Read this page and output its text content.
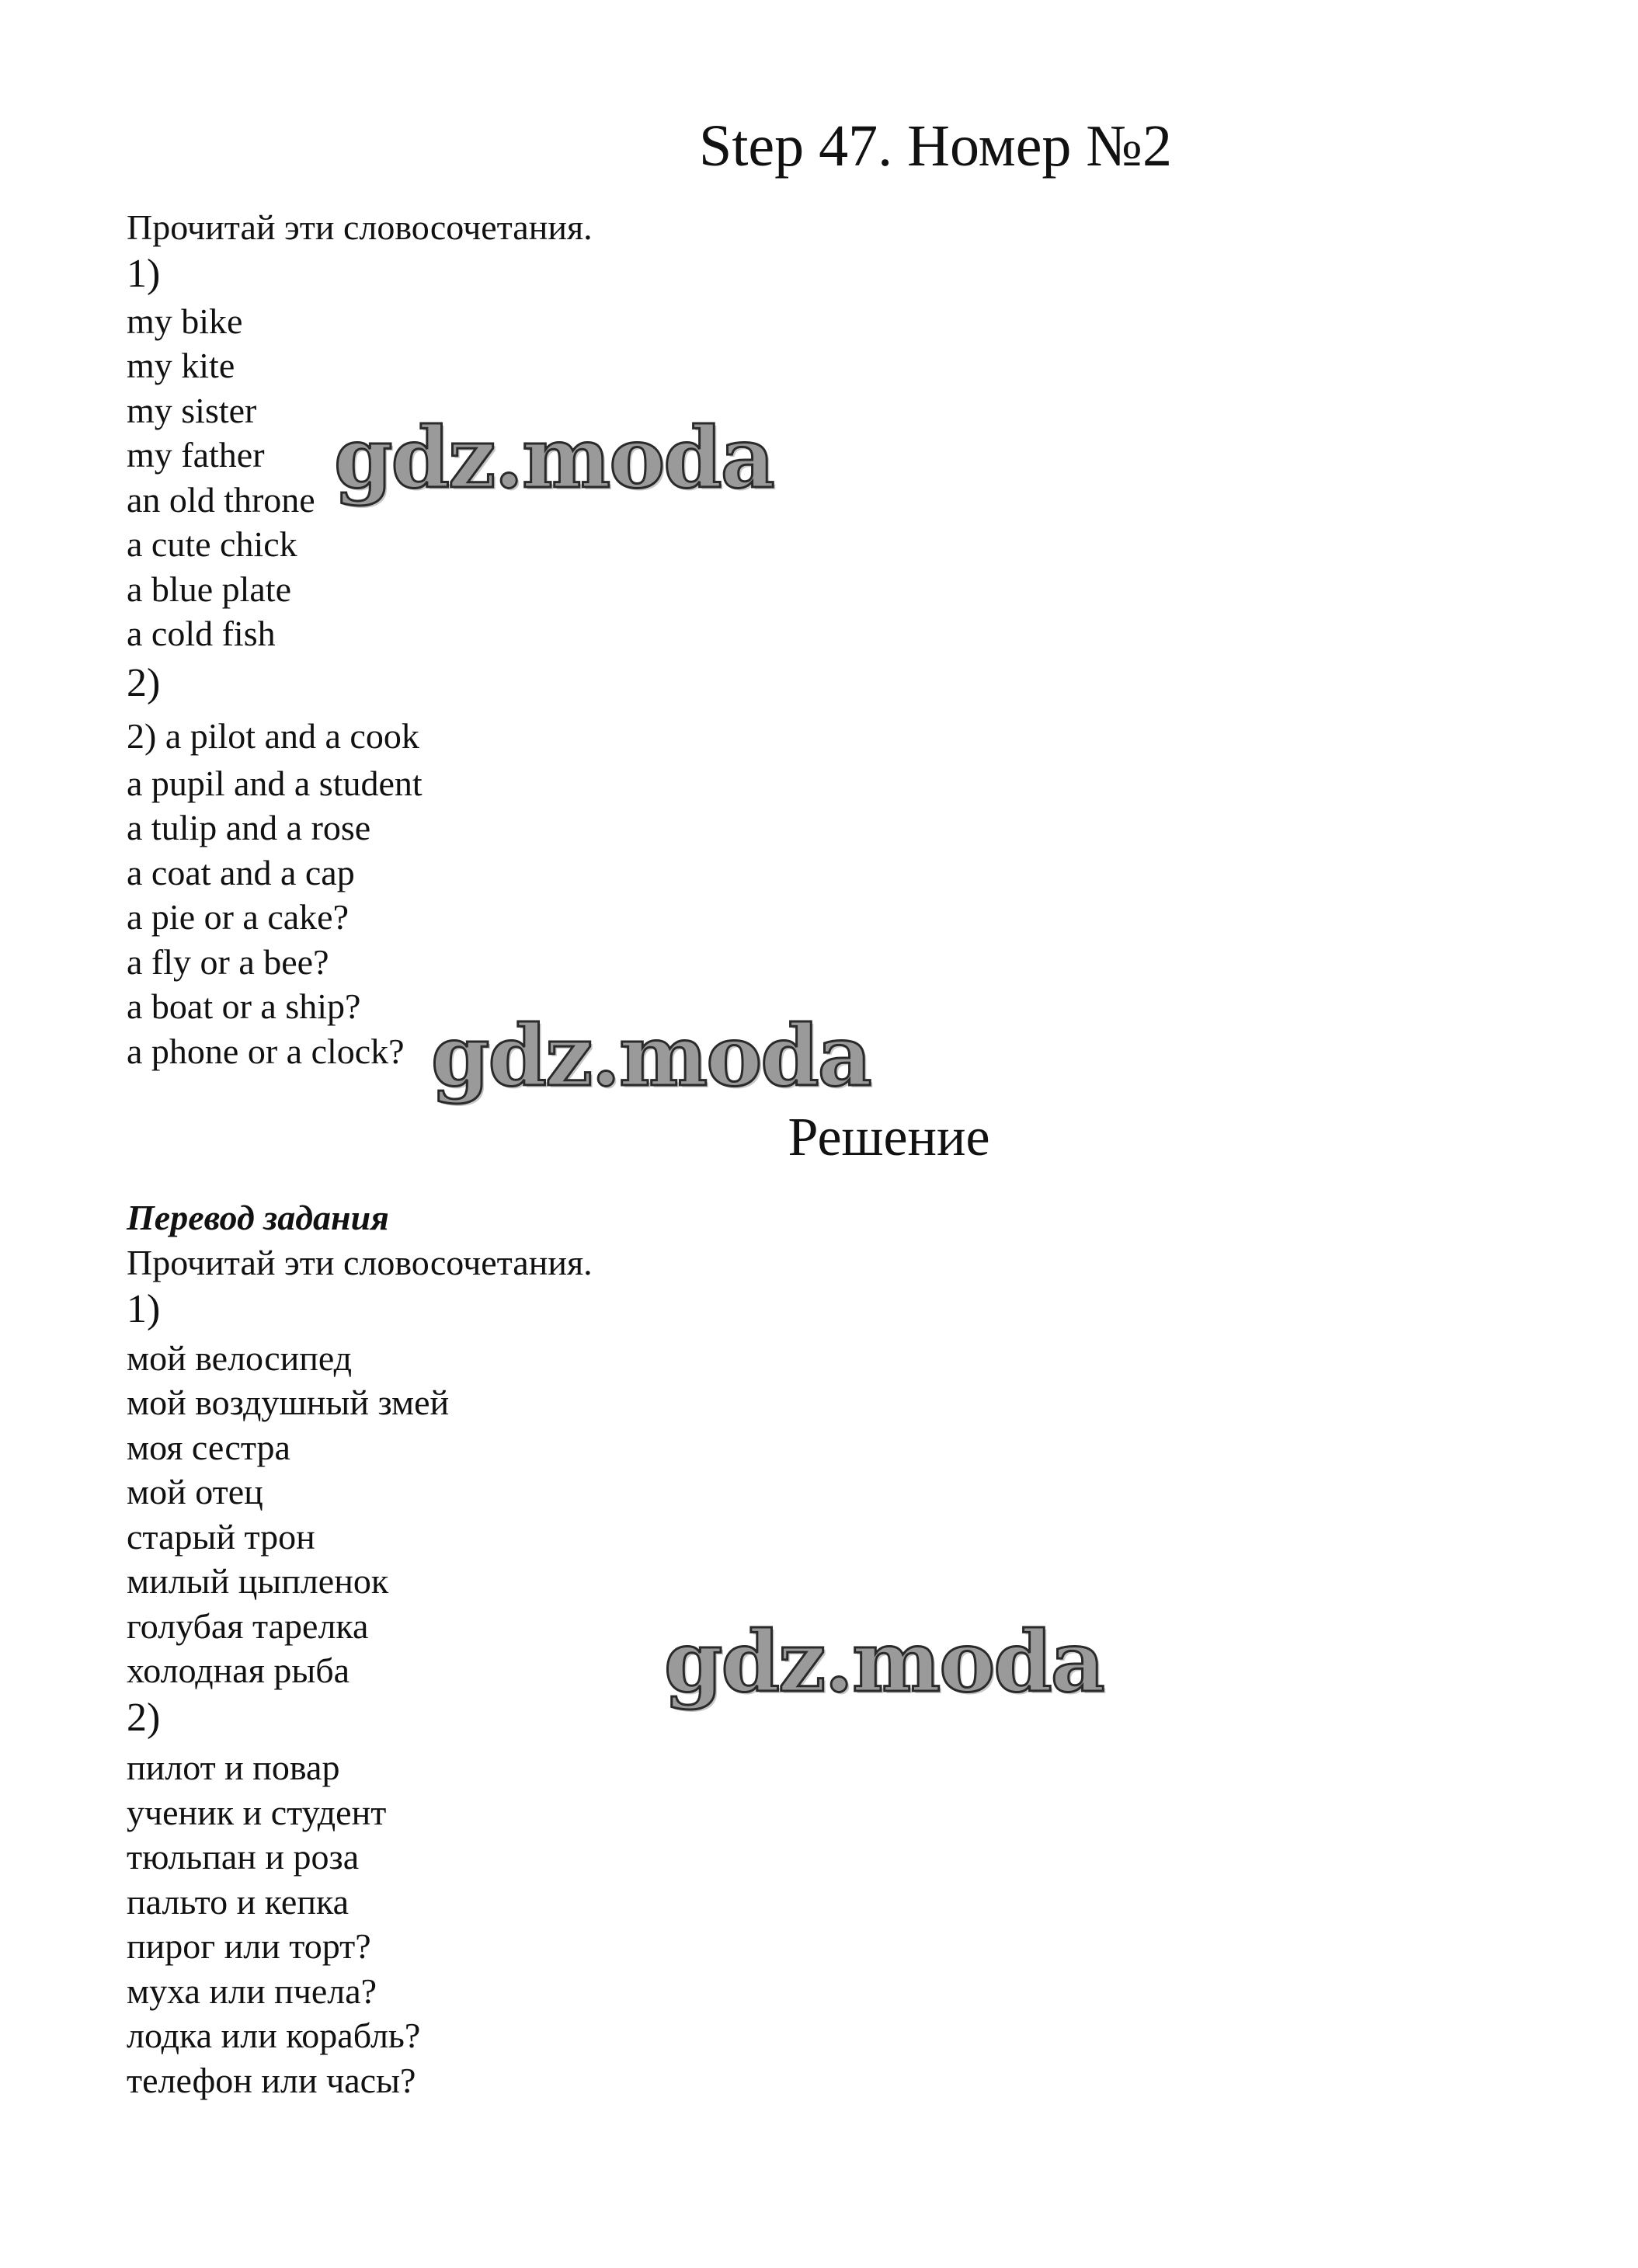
Step 47. Номер №2
Прочитай эти словосочетания.
1)
my bike
my kite
my sister
my father
an old throne
a cute chick
a blue plate
a cold fish
2)
2) a pilot and a cook
a pupil and a student
a tulip and a rose
a coat and a cap
a pie or a cake?
a fly or a bee?
a boat or a ship?
a phone or a clock?
Решение
Перевод задания
Прочитай эти словосочетания.
1)
мой велосипед
мой воздушный змей
моя сестра
мой отец
старый трон
милый цыпленок
голубая тарелка
холодная рыба
2)
пилот и повар
ученик и студент
тюльпан и роза
пальто и кепка
пирог или торт?
муха или пчела?
лодка или корабль?
телефон или часы?
gdz.moda
gdz.moda
gdz.moda
